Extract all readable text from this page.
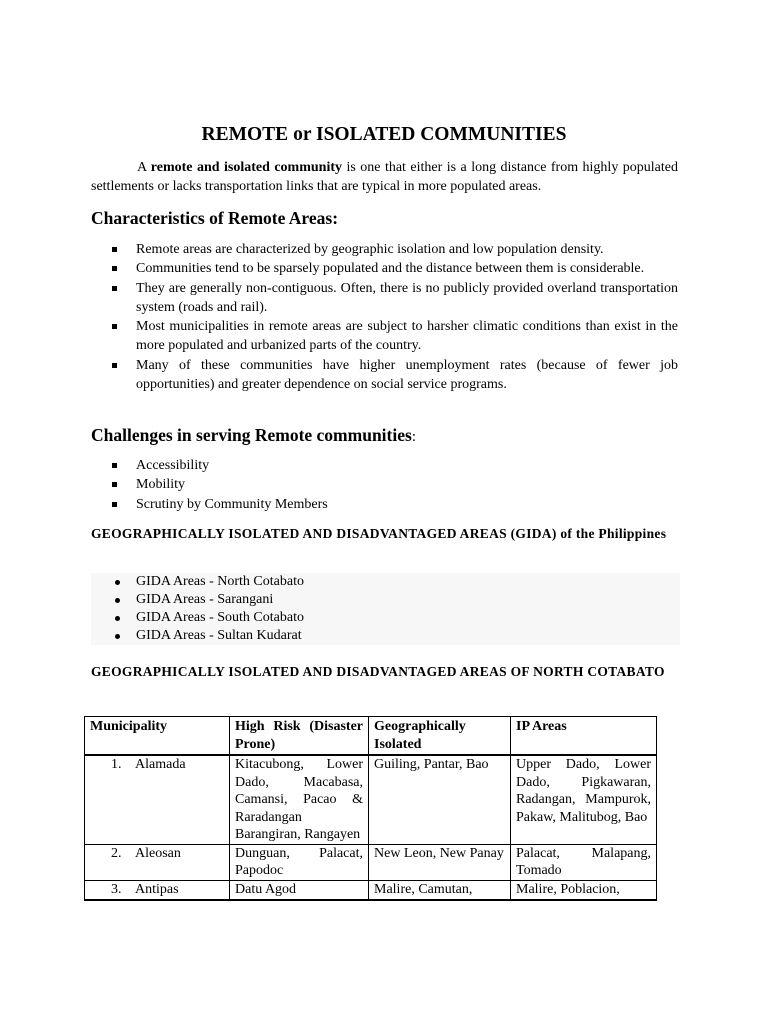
REMOTE or ISOLATED COMMUNITIES

A remote and isolated community is one that either is a long distance from highly populated settlements or lacks transportation links that are typical in more populated areas.

Characteristics of Remote Areas:
Remote areas are characterized by geographic isolation and low population density.
Communities tend to be sparsely populated and the distance between them is considerable.
They are generally non-contiguous. Often, there is no publicly provided overland transportation system (roads and rail).
Most municipalities in remote areas are subject to harsher climatic conditions than exist in the more populated and urbanized parts of the country.
Many of these communities have higher unemployment rates (because of fewer job opportunities) and greater dependence on social service programs.
Challenges in serving Remote communities:
Accessibility
Mobility
Scrutiny by Community Members

GEOGRAPHICALLY ISOLATED AND DISADVANTAGED AREAS (GIDA) of the Philippines

GIDA Areas - North Cotabato
GIDA Areas - Sarangani
GIDA Areas - South Cotabato
GIDA Areas - Sultan Kudarat

GEOGRAPHICALLY ISOLATED AND DISADVANTAGED AREAS OF NORTH COTABATO

Municipality	High Risk (Disaster Prone)	Geographically Isolated	IP Areas
1. Alamada	Kitacubong, Lower Dado, Macabasa, Camansi, Pacao & Raradangan Barangiran, Rangayen	Guiling, Pantar, Bao	Upper Dado, Lower Dado, Pigkawaran, Radangan, Mampurok, Pakaw, Malitubog, Bao
2. Aleosan	Dunguan, Palacat, Papodoc	New Leon, New Panay	Palacat, Malapang, Tomado
3. Antipas	Datu Agod	Malire, Camutan,	Malire, Poblacion,
